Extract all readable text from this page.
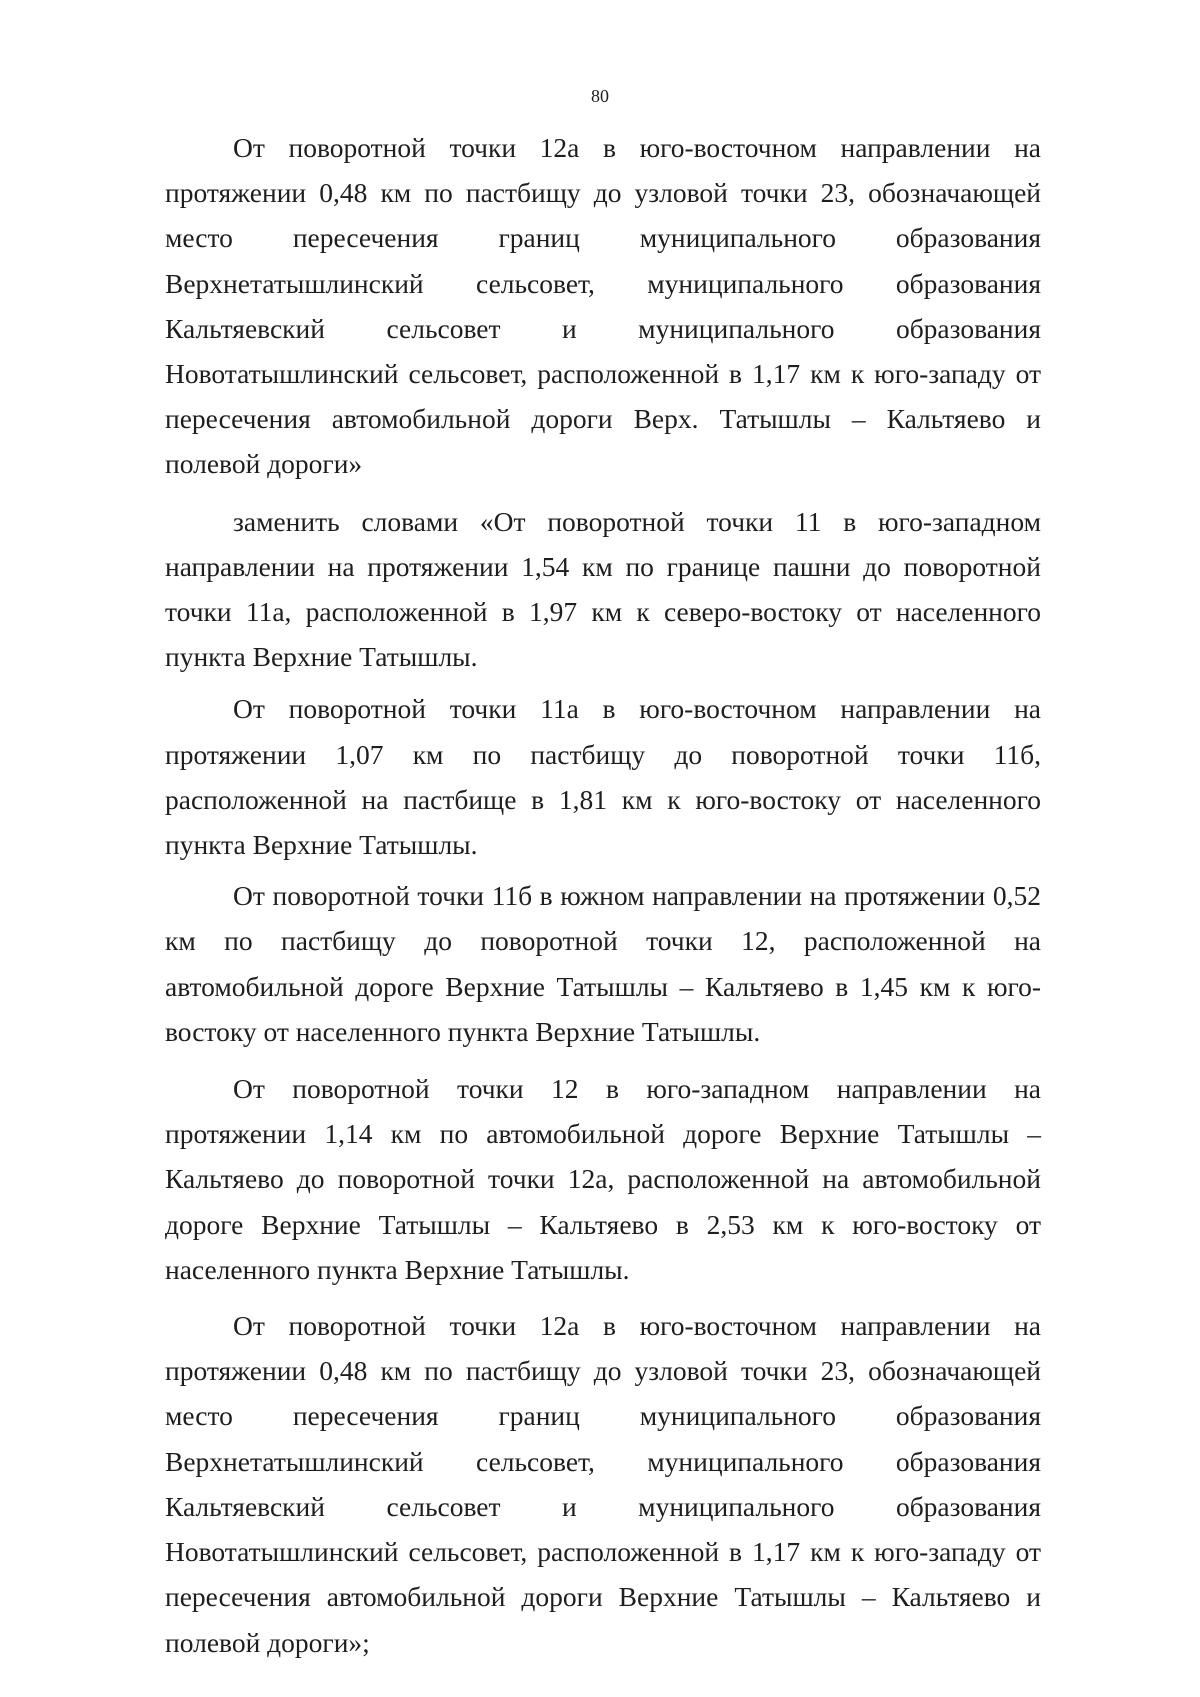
80

От поворотной точки 12а в юго-восточном направлении на протяжении 0,48 км по пастбищу до узловой точки 23, обозначающей место пересечения границ муниципального образования Верхнетатышлинский сельсовет, муниципального образования Кальтяевский сельсовет и муниципального образования Новотатышлинский сельсовет, расположенной в 1,17 км к юго-западу от пересечения автомобильной дороги Верх. Татышлы – Кальтяево и полевой дороги»

заменить словами «От поворотной точки 11 в юго-западном направлении на протяжении 1,54 км по границе пашни до поворотной точки 11а, расположенной в 1,97 км к северо-востоку от населенного пункта Верхние Татышлы.

От поворотной точки 11а в юго-восточном направлении на протяжении 1,07 км по пастбищу до поворотной точки 11б, расположенной на пастбище в 1,81 км к юго-востоку от населенного пункта Верхние Татышлы.

От поворотной точки 11б в южном направлении на протяжении 0,52 км по пастбищу до поворотной точки 12, расположенной на автомобильной дороге Верхние Татышлы – Кальтяево в 1,45 км к юго-востоку от населенного пункта Верхние Татышлы.

От поворотной точки 12 в юго-западном направлении на протяжении 1,14 км по автомобильной дороге Верхние Татышлы – Кальтяево до поворотной точки 12а, расположенной на автомобильной дороге Верхние Татышлы – Кальтяево в 2,53 км к юго-востоку от населенного пункта Верхние Татышлы.

От поворотной точки 12а в юго-восточном направлении на протяжении 0,48 км по пастбищу до узловой точки 23, обозначающей место пересечения границ муниципального образования Верхнетатышлинский сельсовет, муниципального образования Кальтяевский сельсовет и муниципального образования Новотатышлинский сельсовет, расположенной в 1,17 км к юго-западу от пересечения автомобильной дороги Верхние Татышлы – Кальтяево и полевой дороги»;
